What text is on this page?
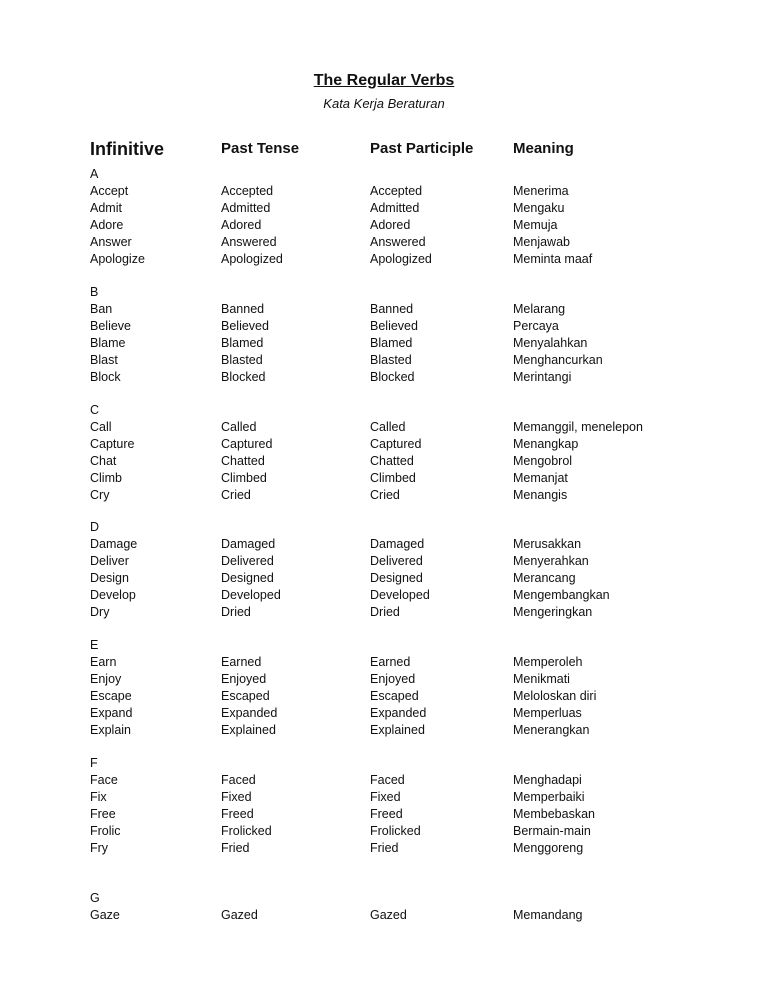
The Regular Verbs
Kata Kerja Beraturan
Infinitive	Past Tense	Past Participle	Meaning
A
Accept	Accepted	Accepted	Menerima
Admit	Admitted	Admitted	Mengaku
Adore	Adored	Adored	Memuja
Answer	Answered	Answered	Menjawab
Apologize	Apologized	Apologized	Meminta maaf
B
Ban	Banned	Banned	Melarang
Believe	Believed	Believed	Percaya
Blame	Blamed	Blamed	Menyalahkan
Blast	Blasted	Blasted	Menghancurkan
Block	Blocked	Blocked	Merintangi
C
Call	Called	Called	Memanggil, menelepon
Capture	Captured	Captured	Menangkap
Chat	Chatted	Chatted	Mengobrol
Climb	Climbed	Climbed	Memanjat
Cry	Cried	Cried	Menangis
D
Damage	Damaged	Damaged	Merusakkan
Deliver	Delivered	Delivered	Menyerahkan
Design	Designed	Designed	Merancang
Develop	Developed	Developed	Mengembangkan
Dry	Dried	Dried	Mengeringkan
E
Earn	Earned	Earned	Memperoleh
Enjoy	Enjoyed	Enjoyed	Menikmati
Escape	Escaped	Escaped	Meloloskan diri
Expand	Expanded	Expanded	Memperluas
Explain	Explained	Explained	Menerangkan
F
Face	Faced	Faced	Menghadapi
Fix	Fixed	Fixed	Memperbaiki
Free	Freed	Freed	Membebaskan
Frolic	Frolicked	Frolicked	Bermain-main
Fry	Fried	Fried	Menggoreng
G
Gaze	Gazed	Gazed	Memandang
